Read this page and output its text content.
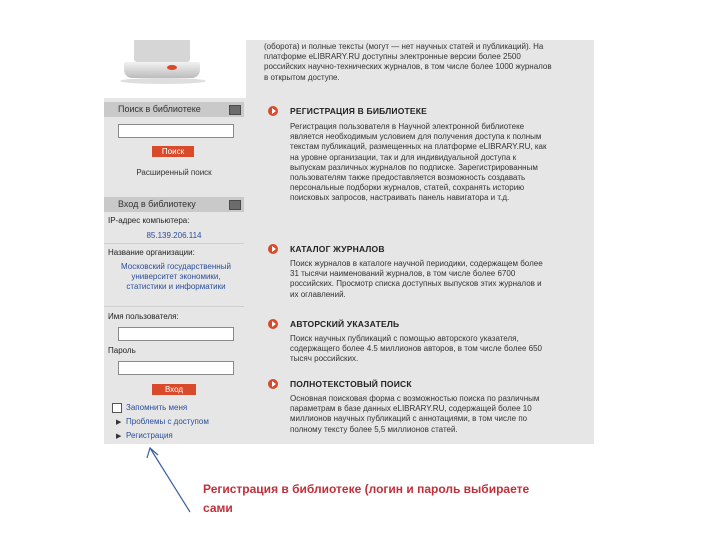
Поиск в библиотеке
Поиск
Расширенный поиск
Вход в библиотеку
IP-адрес компьютера:
85.139.206.114
Название организации:
Московский государственный университет экономики, статистики и информатики
Имя пользователя:
Пароль
Вход
Запомнить меня
▶ Проблемы с доступом
▶ Регистрация
(оборота) и полные тексты (могут — нет научных статей и публикаций). На платформе eLIBRARY.RU доступны электронные версии более 2500 российских научно-технических журналов, в том числе более 1000 журналов в открытом доступе.
РЕГИСТРАЦИЯ В БИБЛИОТЕКЕ
Регистрация пользователя в Научной электронной библиотеке является необходимым условием для получения доступа к полным текстам публикаций, размещенных на платформе eLIBRARY.RU, как на уровне организации, так и для индивидуальной доступа к выпускам различных журналов по подписке. Зарегистрированным пользователям также предоставляется возможность создавать персональные подборки журналов, статей, сохранять историю поисковых запросов, настраивать панель навигатора и т.д.
КАТАЛОГ ЖУРНАЛОВ
Поиск журналов в каталоге научной периодики, содержащем более 31 тысячи наименований журналов, в том числе более 6700 российских. Просмотр списка доступных выпусков этих журналов и их оглавлений.
АВТОРСКИЙ УКАЗАТЕЛЬ
Поиск научных публикаций с помощью авторского указателя, содержащего более 4.5 миллионов авторов, в том числе более 650 тысяч российских.
ПОЛНОТЕКСТОВЫЙ ПОИСК
Основная поисковая форма с возможностью поиска по различным параметрам в базе данных eLIBRARY.RU, содержащей более 10 миллионов научных публикаций с аннотациями, в том числе по полному тексту более 5,5 миллионов статей.
Регистрация в библиотеке (логин и пароль выбираете сами
